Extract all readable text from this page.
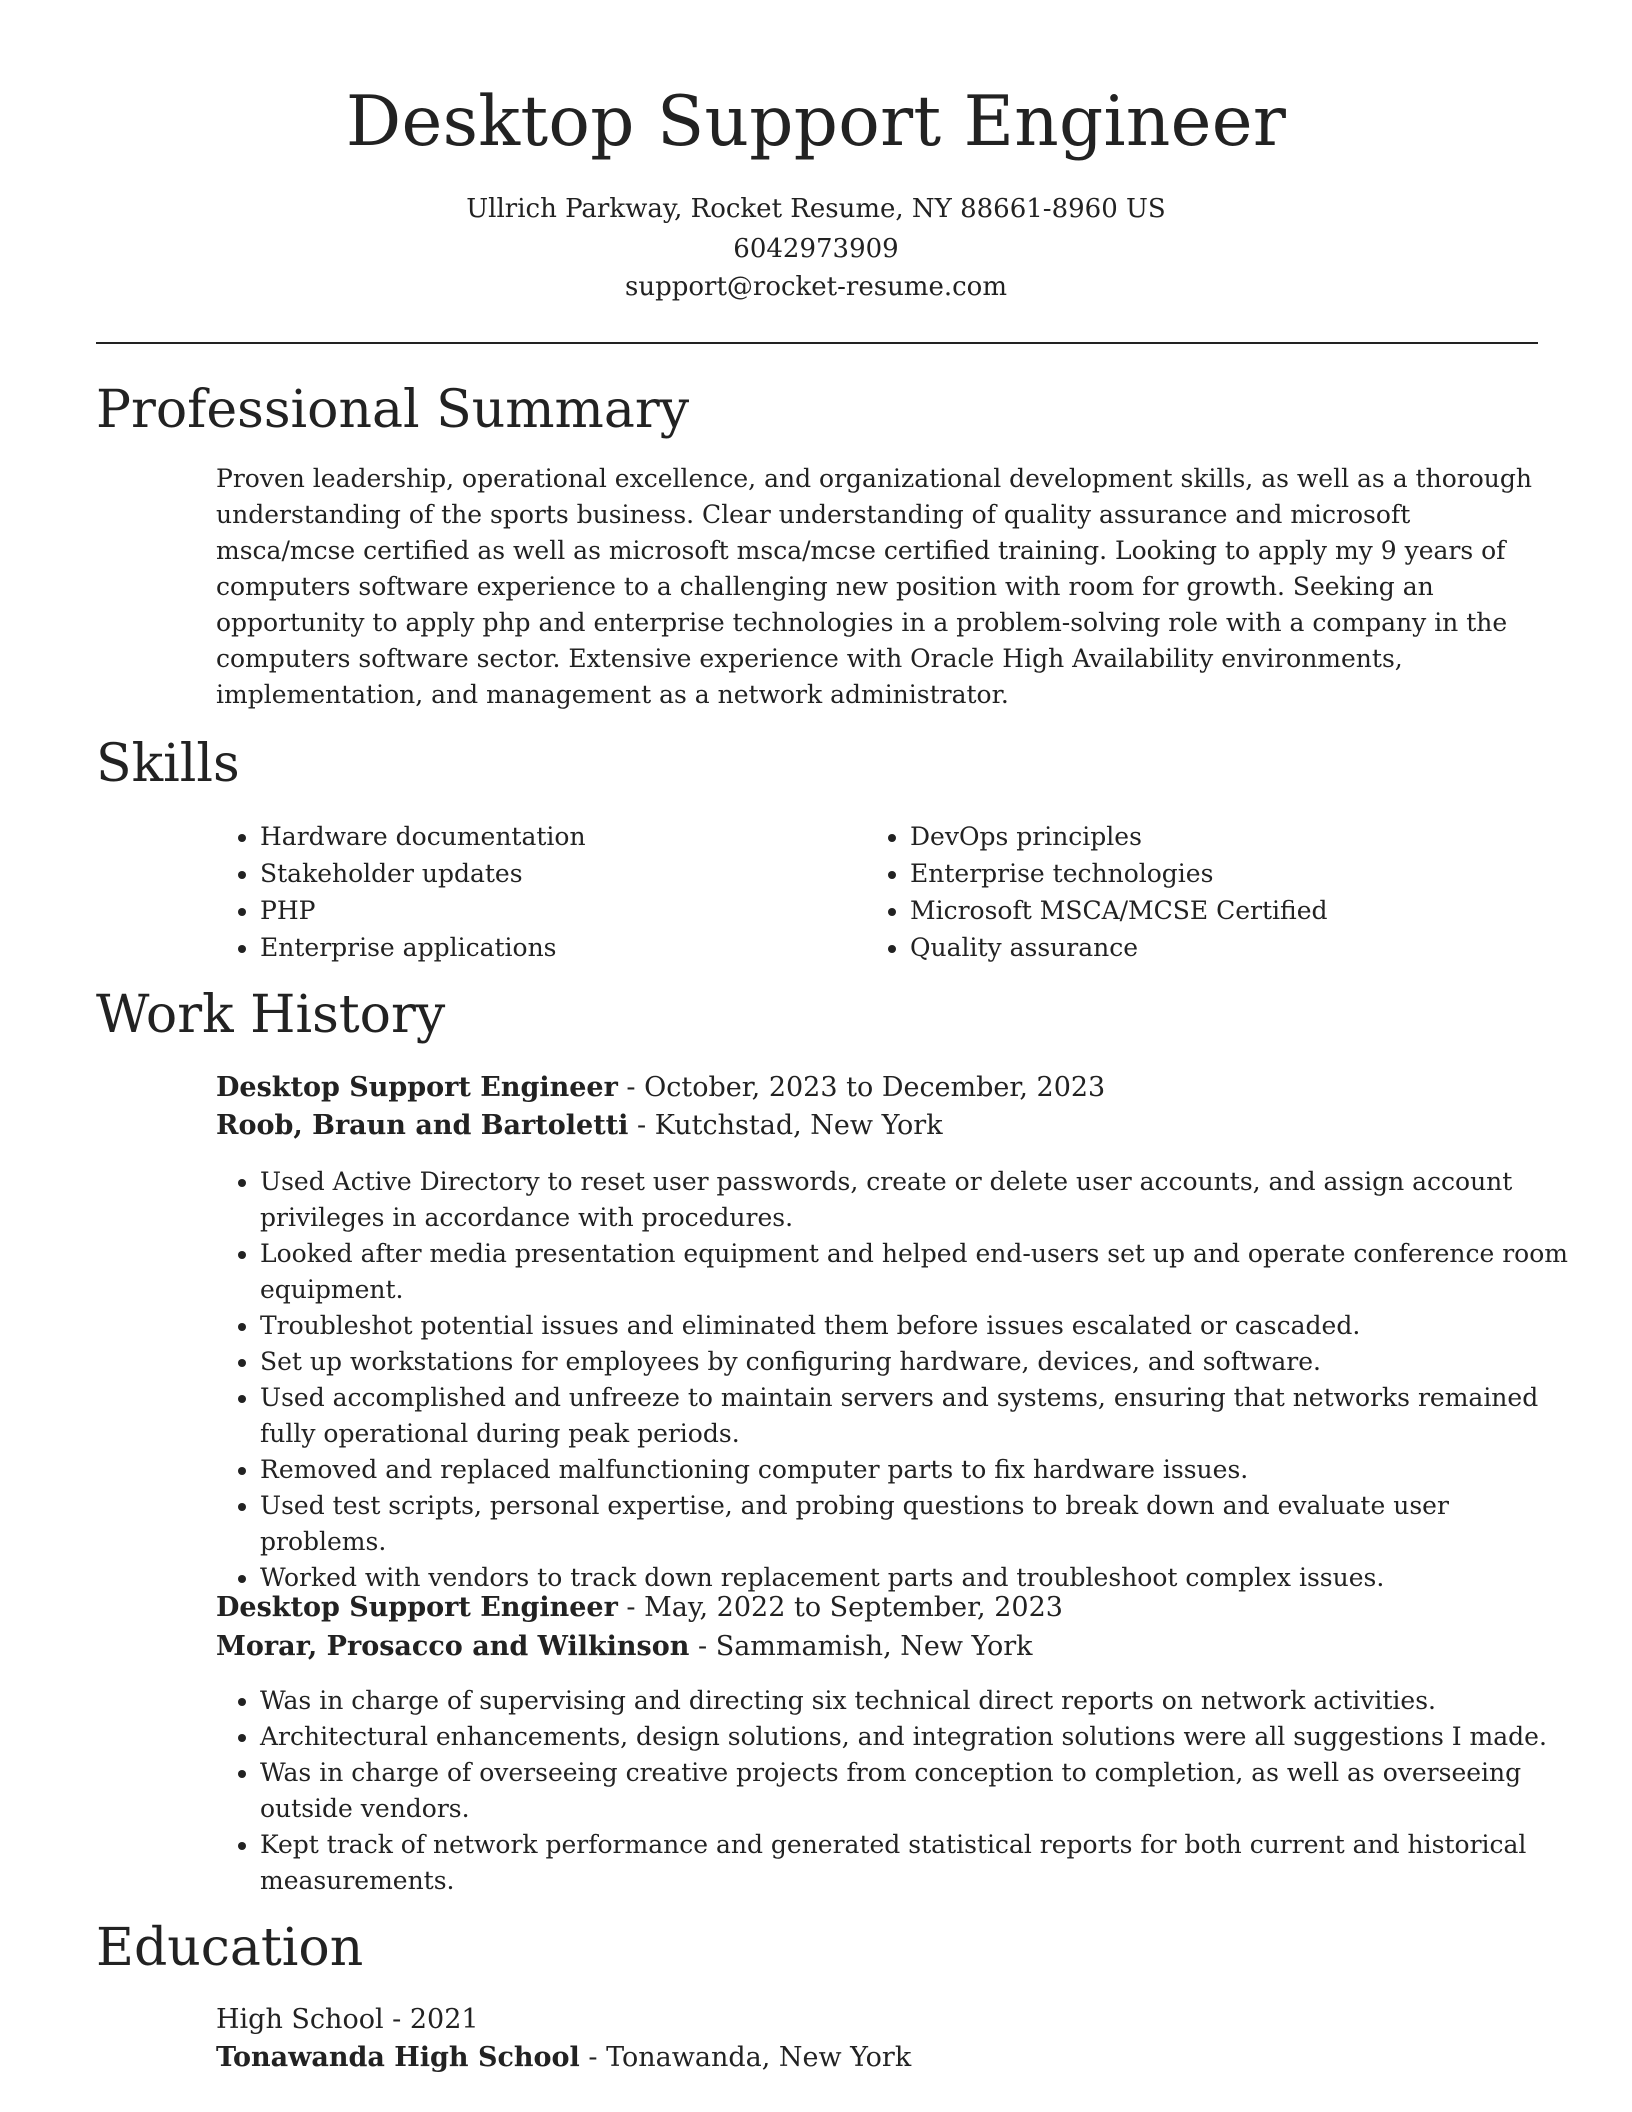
Desktop Support Engineer

Ullrich Parkway, Rocket Resume, NY 88661-8960 US

6042973909

support@rocket-resume.com

Professional Summary

Proven leadership, operational excellence, and organizational development skills, as well as a thorough understanding of the sports business. Clear understanding of quality assurance and microsoft msca/mcse certified as well as microsoft msca/mcse certified training. Looking to apply my 9 years of computers software experience to a challenging new position with room for growth. Seeking an opportunity to apply php and enterprise technologies in a problem-solving role with a company in the computers software sector. Extensive experience with Oracle High Availability environments, implementation, and management as a network administrator.

Skills
• Hardware documentation
• Stakeholder updates
• PHP
• Enterprise applications
• DevOps principles
• Enterprise technologies
• Microsoft MSCA/MCSE Certified
• Quality assurance
Work History

Desktop Support Engineer - October, 2023 to December, 2023

Roob, Braun and Bartoletti - Kutchstad, New York

• Used Active Directory to reset user passwords, create or delete user accounts, and assign account privileges in accordance with procedures.
• Looked after media presentation equipment and helped end-users set up and operate conference room equipment.
• Troubleshot potential issues and eliminated them before issues escalated or cascaded.
• Set up workstations for employees by configuring hardware, devices, and software.
• Used accomplished and unfreeze to maintain servers and systems, ensuring that networks remained fully operational during peak periods.
• Removed and replaced malfunctioning computer parts to fix hardware issues.
• Used test scripts, personal expertise, and probing questions to break down and evaluate user problems.
• Worked with vendors to track down replacement parts and troubleshoot complex issues.

Desktop Support Engineer - May, 2022 to September, 2023

Morar, Prosacco and Wilkinson - Sammamish, New York

• Was in charge of supervising and directing six technical direct reports on network activities.
• Architectural enhancements, design solutions, and integration solutions were all suggestions I made.
• Was in charge of overseeing creative projects from conception to completion, as well as overseeing outside vendors.
• Kept track of network performance and generated statistical reports for both current and historical measurements.
Education

High School - 2021

Tonawanda High School - Tonawanda, New York
